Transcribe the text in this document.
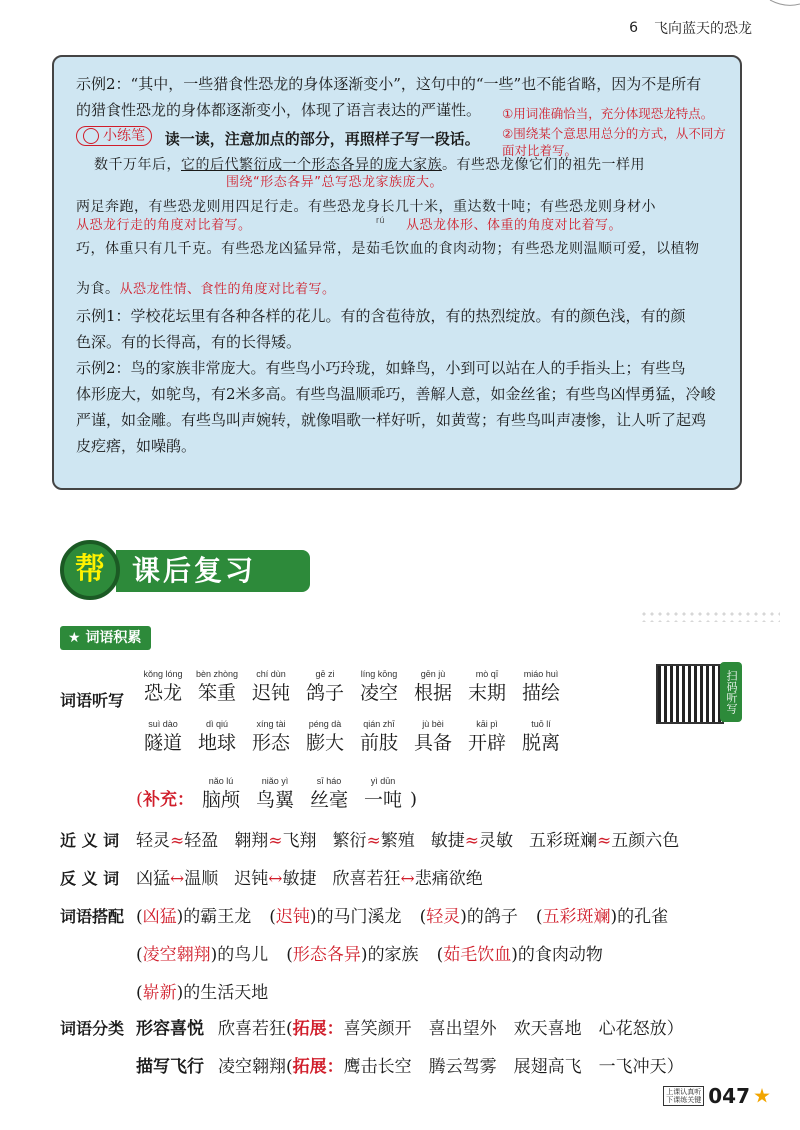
6 飞向蓝天的恐龙

示例2：“其中，一些猎食性恐龙的身体逐渐变小”，这句中的“一些”也不能省略，因为不是所有

的猎食性恐龙的身体都逐渐变小，体现了语言表达的严谨性。

小练笔 读一读，注意加点的部分，再照样子写一段话。

数千万年后，它的后代繁衍成一个形态各异的庞大家族。有些恐龙像它们的祖先一样用
围绕“形态各异”总写恐龙家族庞大。
两足奔跑，有些恐龙则用四足行走。有些恐龙身长几十米，重达数十吨；有些恐龙则身材小
从恐龙行走的角度对比着写。	rú 从恐龙体形、体重的角度对比着写。
巧，体重只有几千克。有些恐龙凶猛异常，是茹毛饮血的食肉动物；有些恐龙则温顺可爱，以植物
为食。从恐龙性情、食性的角度对比着写。

示例1：学校花坛里有各种各样的花儿。有的含苞待放，有的热烈绽放。有的颜色浅，有的颜

色深。有的长得高，有的长得矮。

示例2：鸟的家族非常庞大。有些鸟小巧玲珑，如蜂鸟，小到可以站在人的手指头上；有些鸟

体形庞大，如鸵鸟，有2米多高。有些鸟温顺乖巧，善解人意，如金丝雀；有些鸟凶悍勇猛，冷峻

严谨，如金雕。有些鸟叫声婉转，就像唱歌一样好听，如黄莺；有些鸟叫声凄惨，让人听了起鸡

皮疙瘩，如噪鹃。

①用词准确恰当，充分体现恐龙特点。
②围绕某个意思用总分的方式，从不同方
面对比着写。
课后复习
帮
★ 词语积累
词语听写
kǒng lóng
恐龙
bèn zhòng
笨重
chí dùn
迟钝
gē zi
鸽子
líng kōng
凌空
gēn jù
根据
mò qī
末期
miáo huì
描绘
suì dào
隧道
dì qiú
地球
xíng tài
形态
péng dà
膨大
qián zhī
前肢
jù bèi
具备
kāi pì
开辟
tuō lí
脱离
扫码听写
( 补充：
nǎo lú
脑颅
niǎo yì
鸟翼
sī háo
丝毫
yì dūn
一吨 )
近 义 词 轻灵≈轻盈 翱翔≈飞翔 繁衍≈繁殖 敏捷≈灵敏 五彩斑斓≈五颜六色
反 义 词 凶猛↔温顺 迟钝↔敏捷 欣喜若狂↔悲痛欲绝
词语搭配 (凶猛)的霸王龙 (迟钝)的马门溪龙 (轻灵)的鸽子 (五彩斑斓)的孔雀
(凌空翱翔)的鸟儿 (形态各异)的家族 (茹毛饮血)的食肉动物
(崭新)的生活天地
词语分类 形容喜悦 欣喜若狂(拓展：喜笑颜开　喜出望外　欢天喜地　心花怒放）
描写飞行 凌空翱翔(拓展：鹰击长空　腾云驾雾　展翅高飞　一飞冲天）
上课认真听
下课练关键 047
